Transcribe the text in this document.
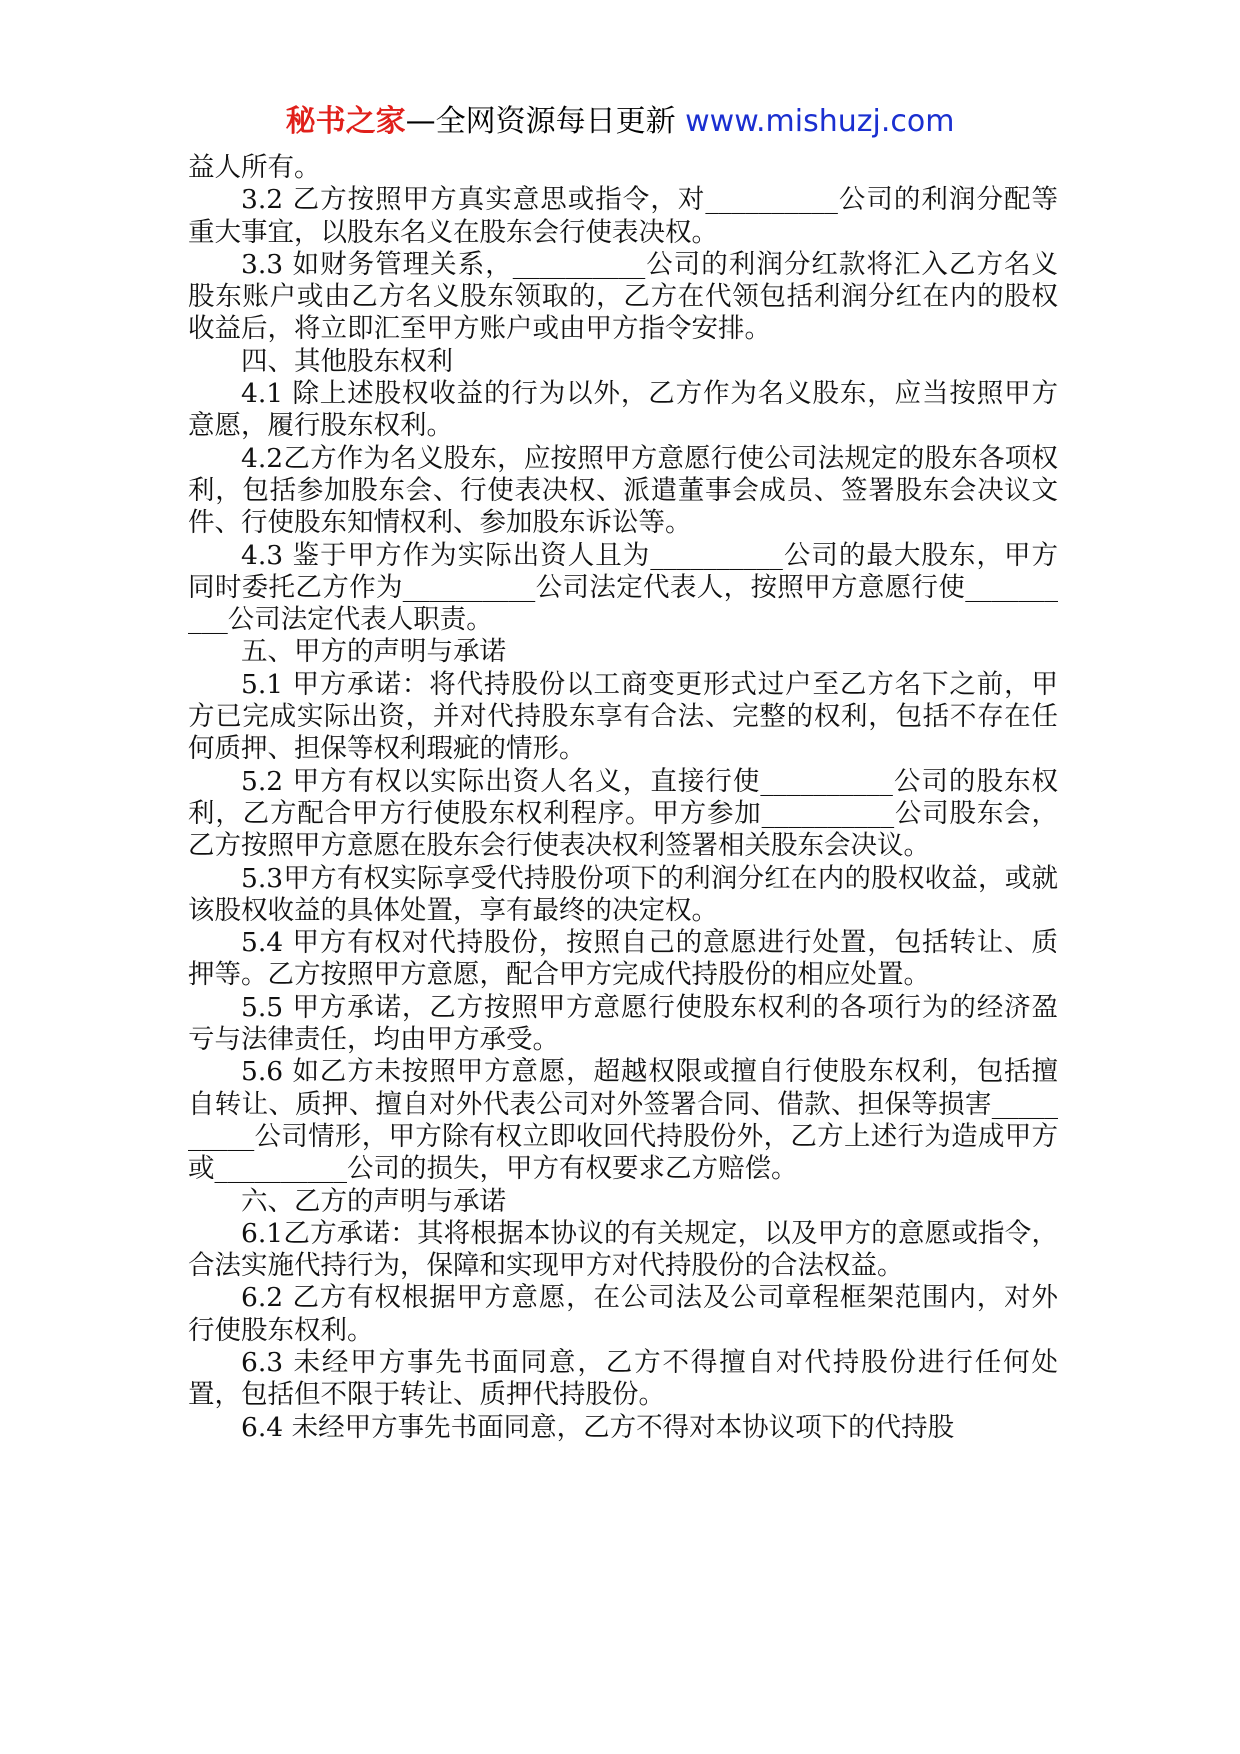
秘书之家—全网资源每日更新 www.mishuzj.com

益人所有。

3.2 乙方按照甲方真实意思或指令，对__________公司的利润分配等重大事宜，以股东名义在股东会行使表决权。

3.3 如财务管理关系，__________公司的利润分红款将汇入乙方名义股东账户或由乙方名义股东领取的，乙方在代领包括利润分红在内的股权收益后，将立即汇至甲方账户或由甲方指令安排。

四、其他股东权利

4.1 除上述股权收益的行为以外，乙方作为名义股东，应当按照甲方意愿，履行股东权利。

4.2乙方作为名义股东，应按照甲方意愿行使公司法规定的股东各项权利，包括参加股东会、行使表决权、派遣董事会成员、签署股东会决议文件、行使股东知情权利、参加股东诉讼等。

4.3 鉴于甲方作为实际出资人且为__________公司的最大股东，甲方同时委托乙方作为__________公司法定代表人，按照甲方意愿行使__________公司法定代表人职责。

五、甲方的声明与承诺

5.1 甲方承诺：将代持股份以工商变更形式过户至乙方名下之前，甲方已完成实际出资，并对代持股东享有合法、完整的权利，包括不存在任何质押、担保等权利瑕疵的情形。

5.2 甲方有权以实际出资人名义，直接行使__________公司的股东权利，乙方配合甲方行使股东权利程序。甲方参加__________公司股东会，乙方按照甲方意愿在股东会行使表决权利签署相关股东会决议。

5.3甲方有权实际享受代持股份项下的利润分红在内的股权收益，或就该股权收益的具体处置，享有最终的决定权。

5.4 甲方有权对代持股份，按照自己的意愿进行处置，包括转让、质押等。乙方按照甲方意愿，配合甲方完成代持股份的相应处置。

5.5 甲方承诺，乙方按照甲方意愿行使股东权利的各项行为的经济盈亏与法律责任，均由甲方承受。

5.6 如乙方未按照甲方意愿，超越权限或擅自行使股东权利，包括擅自转让、质押、擅自对外代表公司对外签署合同、借款、担保等损害__________公司情形，甲方除有权立即收回代持股份外，乙方上述行为造成甲方或__________公司的损失，甲方有权要求乙方赔偿。

六、乙方的声明与承诺

6.1乙方承诺：其将根据本协议的有关规定，以及甲方的意愿或指令，合法实施代持行为，保障和实现甲方对代持股份的合法权益。

6.2 乙方有权根据甲方意愿，在公司法及公司章程框架范围内，对外行使股东权利。

6.3 未经甲方事先书面同意，乙方不得擅自对代持股份进行任何处置，包括但不限于转让、质押代持股份。

6.4 未经甲方事先书面同意，乙方不得对本协议项下的代持股
